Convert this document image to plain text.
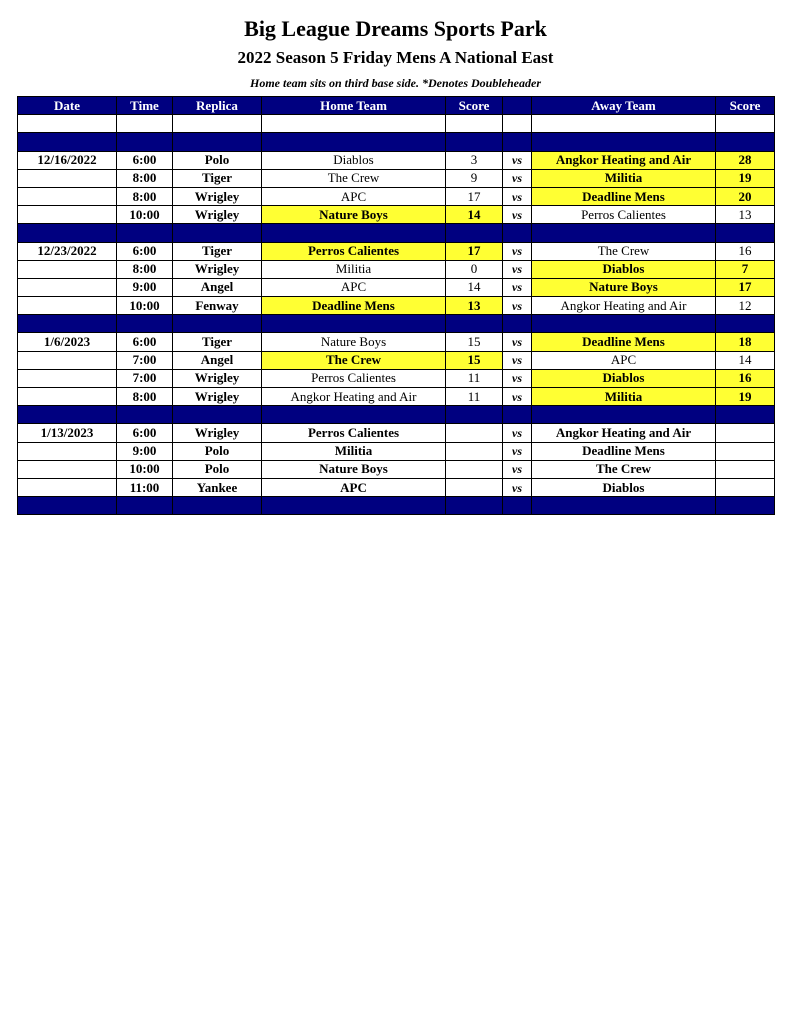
Big League Dreams Sports Park
2022 Season 5 Friday Mens A National East
Home team sits on third base side. *Denotes Doubleheader
Date	Time	Replica	Home Team	Score		Away Team	Score

12/16/2022	6:00	Polo	Diablos	3	vs	Angkor Heating and Air	28
	8:00	Tiger	The Crew	9	vs	Militia	19
	8:00	Wrigley	APC	17	vs	Deadline Mens	20
	10:00	Wrigley	Nature Boys	14	vs	Perros Calientes	13

12/23/2022	6:00	Tiger	Perros Calientes	17	vs	The Crew	16
	8:00	Wrigley	Militia	0	vs	Diablos	7
	9:00	Angel	APC	14	vs	Nature Boys	17
	10:00	Fenway	Deadline Mens	13	vs	Angkor Heating and Air	12

1/6/2023	6:00	Tiger	Nature Boys	15	vs	Deadline Mens	18
	7:00	Angel	The Crew	15	vs	APC	14
	7:00	Wrigley	Perros Calientes	11	vs	Diablos	16
	8:00	Wrigley	Angkor Heating and Air	11	vs	Militia	19

1/13/2023	6:00	Wrigley	Perros Calientes		vs	Angkor Heating and Air	
	9:00	Polo	Militia		vs	Deadline Mens	
	10:00	Polo	Nature Boys		vs	The Crew	
	11:00	Yankee	APC		vs	Diablos	
